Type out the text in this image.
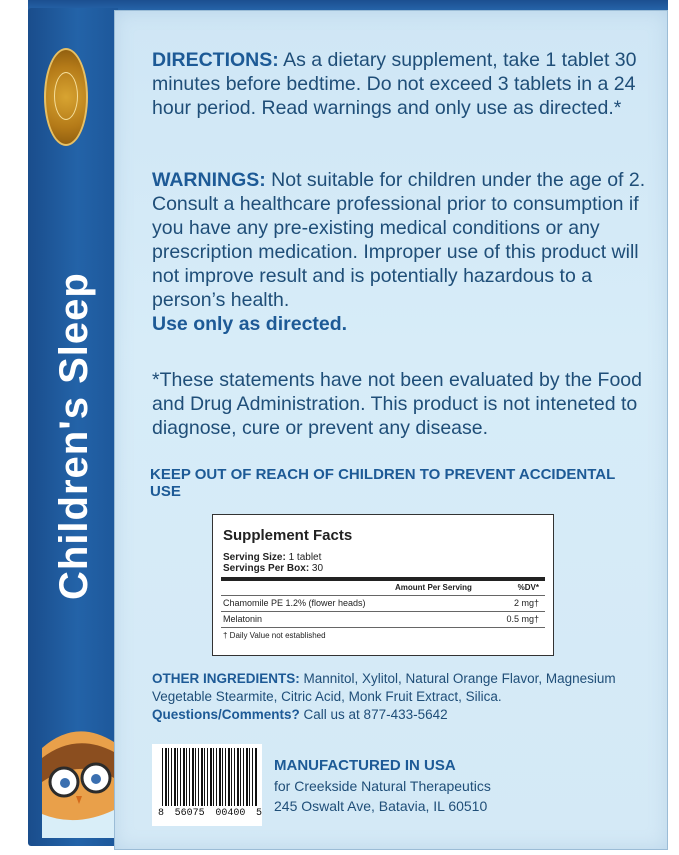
Children's Sleep
DIRECTIONS: As a dietary supplement, take 1 tablet 30 minutes before bedtime. Do not exceed 3 tablets in a 24 hour period. Read warnings and only use as directed.*
WARNINGS: Not suitable for children under the age of 2. Consult a healthcare professional prior to consumption if you have any pre-existing medical conditions or any prescription medication. Improper use of this product will not improve result and is potentially hazardous to a person’s health.
Use only as directed.
*These statements have not been evaluated by the Food and Drug Administration. This product is not inteneted to diagnose, cure or prevent any disease.
KEEP OUT OF REACH OF CHILDREN TO PREVENT ACCIDENTAL USE
Supplement Facts
Serving Size: 1 tablet
Servings Per Box: 30
Amount Per Serving	%DV*
Chamomile PE 1.2% (flower heads)	2 mg†
Melatonin	0.5 mg†
† Daily Value not established
OTHER INGREDIENTS: Mannitol, Xylitol, Natural Orange Flavor, Magnesium Vegetable Stearmite, Citric Acid, Monk Fruit Extract, Silica.
Questions/Comments? Call us at 877-433-5642
8 56075 00400 5
MANUFACTURED IN USA
for Creekside Natural Therapeutics
245 Oswalt Ave, Batavia, IL 60510
